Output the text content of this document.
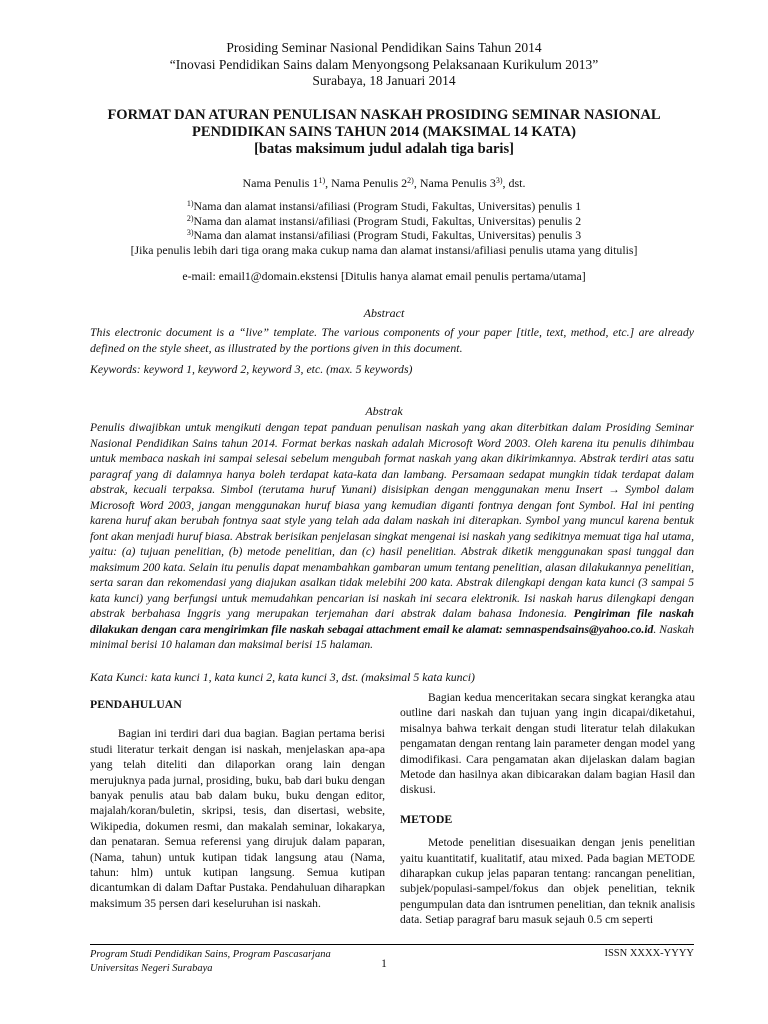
Prosiding Seminar Nasional Pendidikan Sains Tahun 2014
“Inovasi Pendidikan Sains dalam Menyongsong Pelaksanaan Kurikulum 2013”
Surabaya, 18 Januari 2014
FORMAT DAN ATURAN PENULISAN NASKAH PROSIDING SEMINAR NASIONAL
PENDIDIKAN SAINS TAHUN 2014 (MAKSIMAL 14 KATA)
[batas maksimum judul adalah tiga baris]
Nama Penulis 1$^{1)}$, Nama Penulis 2$^{2)}$, Nama Penulis 3$^{3)}$, dst.
$^{1)}$Nama dan alamat instansi/afiliasi (Program Studi, Fakultas, Universitas) penulis 1
$^{2)}$Nama dan alamat instansi/afiliasi (Program Studi, Fakultas, Universitas) penulis 2
$^{3)}$Nama dan alamat instansi/afiliasi (Program Studi, Fakultas, Universitas) penulis 3
[Jika penulis lebih dari tiga orang maka cukup nama dan alamat instansi/afiliasi penulis utama yang ditulis]
e-mail: email1@domain.ekstensi [Ditulis hanya alamat email penulis pertama/utama]
Abstract

This electronic document is a “live” template. The various components of your paper [title, text, method, etc.] are already defined on the style sheet, as illustrated by the portions given in this document.

Keywords: keyword 1, keyword 2, keyword 3, etc. (max. 5 keywords)
Abstrak

Penulis diwajibkan untuk mengikuti dengan tepat panduan penulisan naskah yang akan diterbitkan dalam Prosiding Seminar Nasional Pendidikan Sains tahun 2014. Format berkas naskah adalah Microsoft Word 2003. Oleh karena itu penulis dihimbau untuk membaca naskah ini sampai selesai sebelum mengubah format naskah yang akan dikirimkannya. Abstrak terdiri atas satu paragraf yang di dalamnya hanya boleh terdapat kata-kata dan lambang. Persamaan sedapat mungkin tidak terdapat dalam abstrak, kecuali terpaksa. Simbol (terutama huruf Yunani) disisipkan dengan menggunakan menu Insert → Symbol dalam Microsoft Word 2003, jangan menggunakan huruf biasa yang kemudian diganti fontnya dengan font Symbol. Hal ini penting karena huruf akan berubah fontnya saat style yang telah ada dalam naskah ini diterapkan. Symbol yang muncul karena bentuk font akan menjadi huruf biasa. Abstrak berisikan penjelasan singkat mengenai isi naskah yang sedikitnya memuat tiga hal utama, yaitu: (a) tujuan penelitian, (b) metode penelitian, dan (c) hasil penelitian. Abstrak diketik menggunakan spasi tunggal dan maksimum 200 kata. Selain itu penulis dapat menambahkan gambaran umum tentang penelitian, alasan dilakukannya penelitian, serta saran dan rekomendasi yang diajukan asalkan tidak melebihi 200 kata. Abstrak dilengkapi dengan kata kunci (3 sampai 5 kata kunci) yang berfungsi untuk memudahkan pencarian isi naskah ini secara elektronik. Isi naskah harus dilengkapi dengan abstrak berbahasa Inggris yang merupakan terjemahan dari abstrak dalam bahasa Indonesia. Pengiriman file naskah dilakukan dengan cara mengirimkan file naskah sebagai attachment email ke alamat: semnaspendsains@yahoo.co.id. Naskah minimal berisi 10 halaman dan maksimal berisi 15 halaman.

Kata Kunci: kata kunci 1, kata kunci 2, kata kunci 3, dst. (maksimal 5 kata kunci)
PENDAHULUAN

Bagian ini terdiri dari dua bagian. Bagian pertama berisi studi literatur terkait dengan isi naskah, menjelaskan apa-apa yang telah diteliti dan dilaporkan orang lain dengan merujuknya pada jurnal, prosiding, buku, bab dari buku dengan banyak penulis atau bab dalam buku, buku dengan editor, majalah/koran/buletin, skripsi, tesis, dan disertasi, website, Wikipedia, dokumen resmi, dan makalah seminar, lokakarya, dan penataran. Semua referensi yang dirujuk dalam paparan, (Nama, tahun) untuk kutipan tidak langsung atau (Nama, tahun: hlm) untuk kutipan langsung. Semua kutipan dicantumkan di dalam Daftar Pustaka. Pendahuluan diharapkan maksimum 35 persen dari keseluruhan isi naskah.

Bagian kedua menceritakan secara singkat kerangka atau outline dari naskah dan tujuan yang ingin dicapai/diketahui, misalnya bahwa terkait dengan studi literatur telah dilakukan pengamatan dengan rentang lain parameter dengan model yang dimodifikasi. Cara pengamatan akan dijelaskan dalam bagian Metode dan hasilnya akan dibicarakan dalam bagian Hasil dan diskusi.

METODE

Metode penelitian disesuaikan dengan jenis penelitian yaitu kuantitatif, kualitatif, atau mixed. Pada bagian METODE diharapkan cukup jelas paparan tentang: rancangan penelitian, subjek/populasi-sampel/fokus dan objek penelitian, teknik pengumpulan data dan isntrumen penelitian, dan teknik analisis data. Setiap paragraf baru masuk sejauh 0.5 cm seperti

Program Studi Pendidikan Sains, Program Pascasarjana
Universitas Negeri Surabaya
ISSN XXXX-YYYY
1
